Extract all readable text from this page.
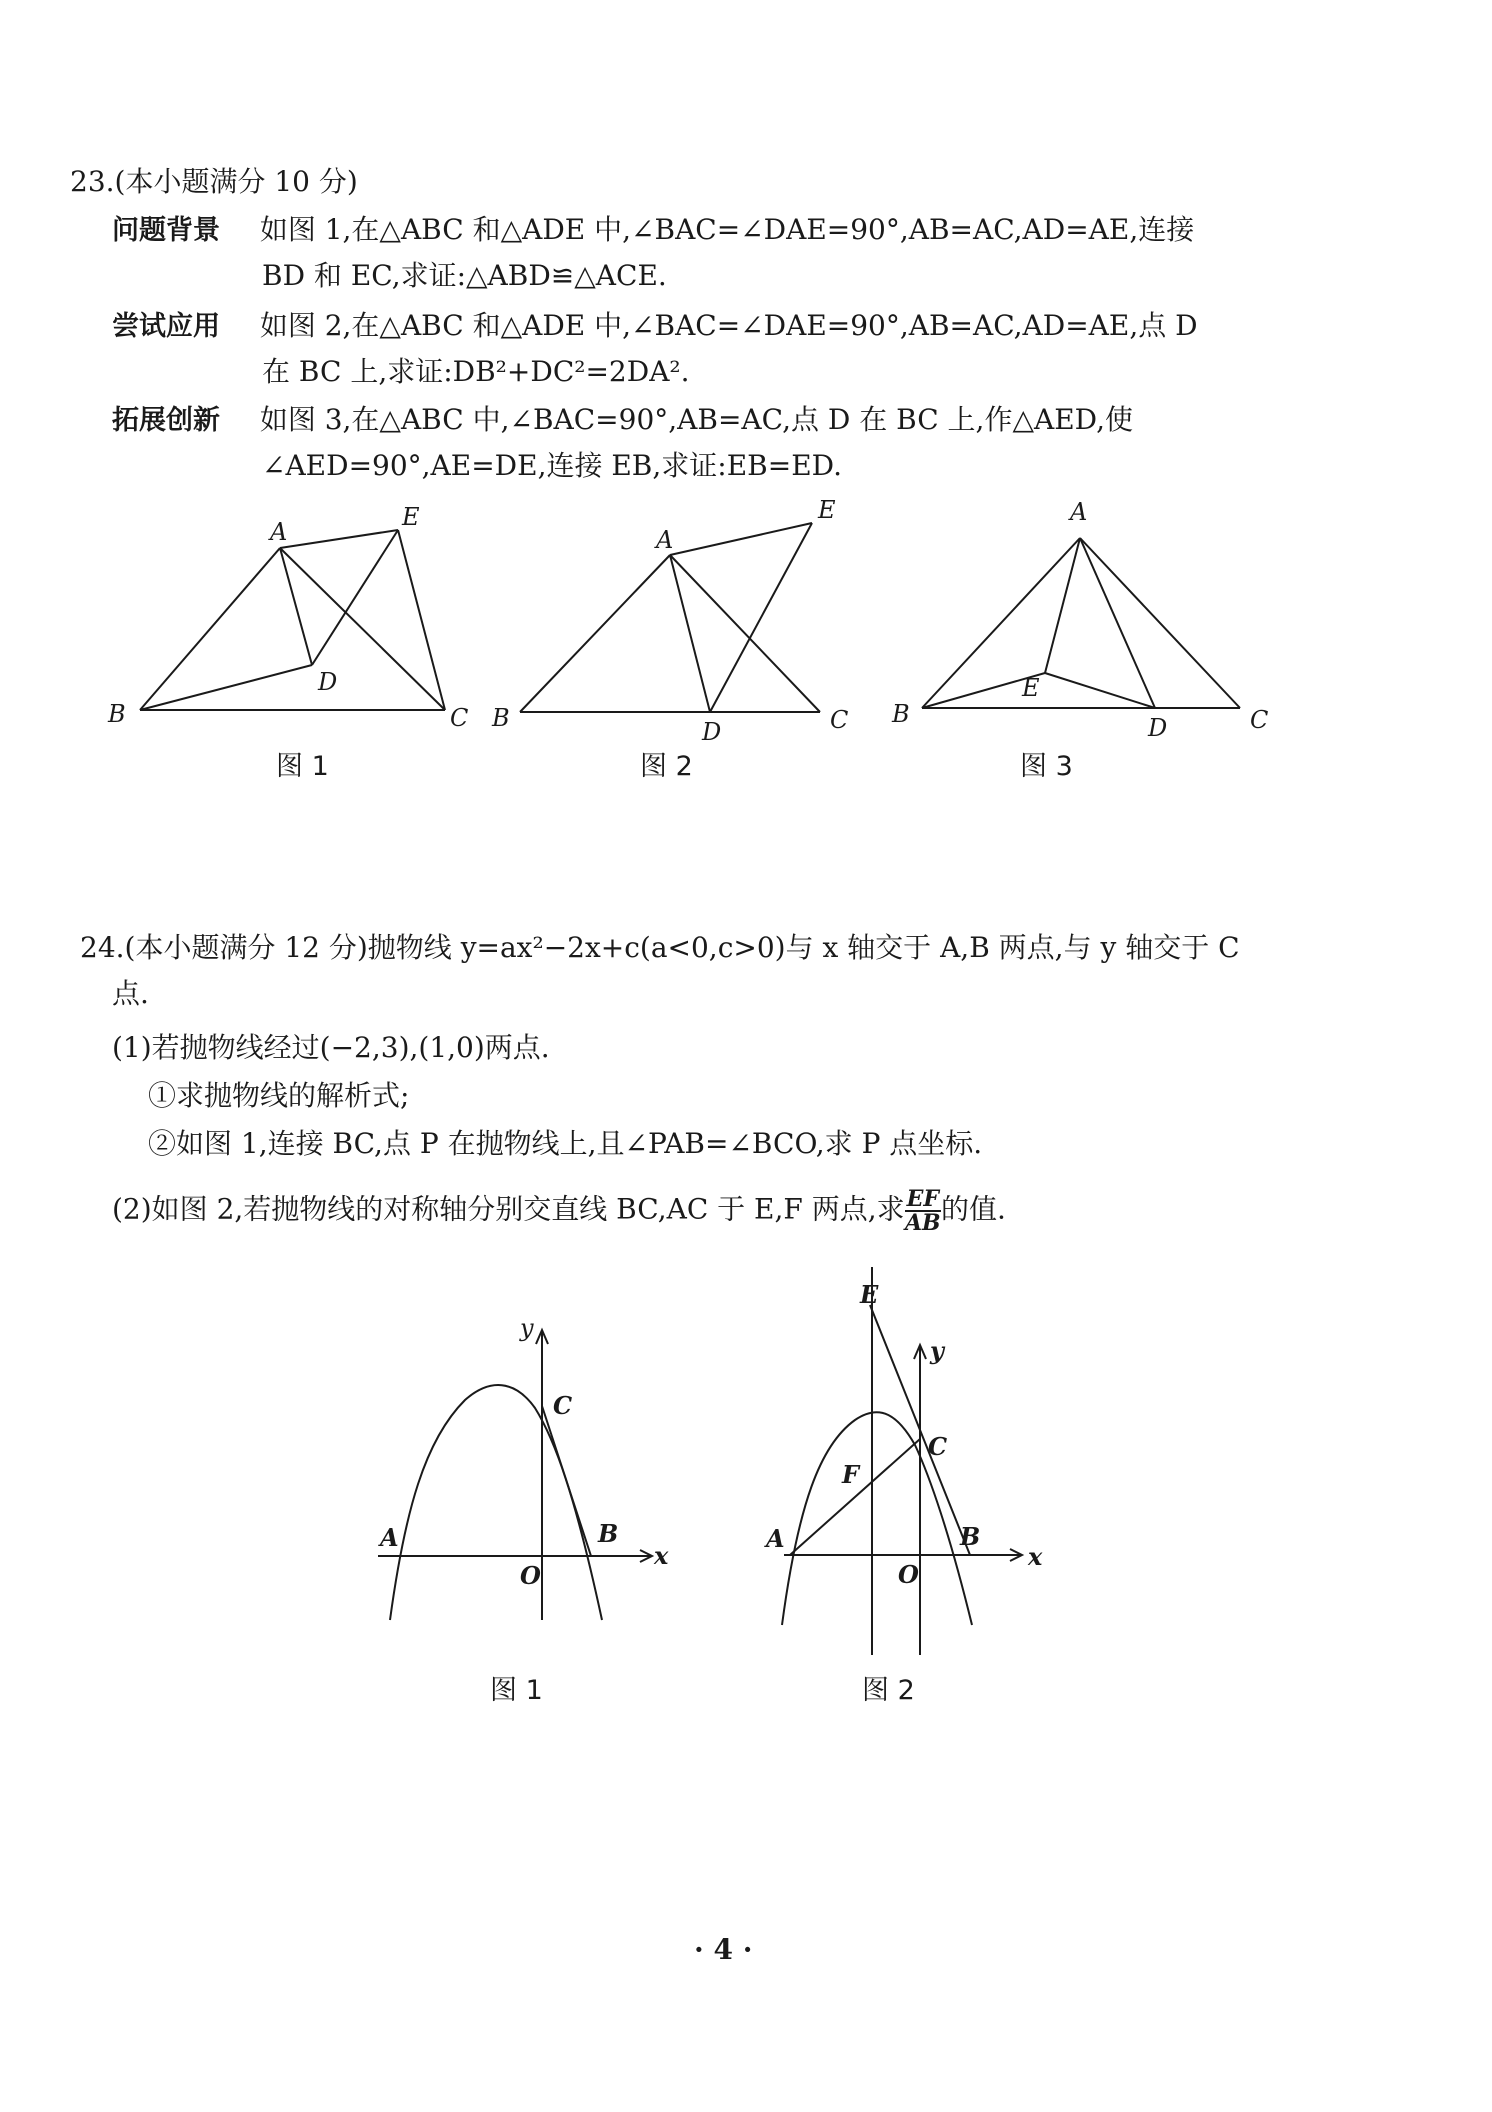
23.(本小题满分 10 分)
问题背景 如图 1,在△ABC 和△ADE 中,∠BAC=∠DAE=90°,AB=AC,AD=AE,连接
BD 和 EC,求证:△ABD≌△ACE.
尝试应用 如图 2,在△ABC 和△ADE 中,∠BAC=∠DAE=90°,AB=AC,AD=AE,点 D
在 BC 上,求证:DB²+DC²=2DA².
拓展创新 如图 3,在△ABC 中,∠BAC=90°,AB=AC,点 D 在 BC 上,作△AED,使
∠AED=90°,AE=DE,连接 EB,求证:EB=ED.
A
E
D
B	C
图 1
A
E
D
B	C
图 2
A
E
D
B	C
图 3
24.(本小题满分 12 分)抛物线 y=ax²−2x+c(a<0,c>0)与 x 轴交于 A,B 两点,与 y 轴交于 C
点.
(1)若抛物线经过(−2,3),(1,0)两点.
①求抛物线的解析式;
②如图 1,连接 BC,点 P 在抛物线上,且∠PAB=∠BCO,求 P 点坐标.
(2)如图 2,若抛物线的对称轴分别交直线 BC,AC 于 E,F 两点,求 $\frac{EF}{AB}$ 的值.
y
C
A	B
O
x
图 1
E
y
C
F
A	B
O
x
图 2
· 4 ·
